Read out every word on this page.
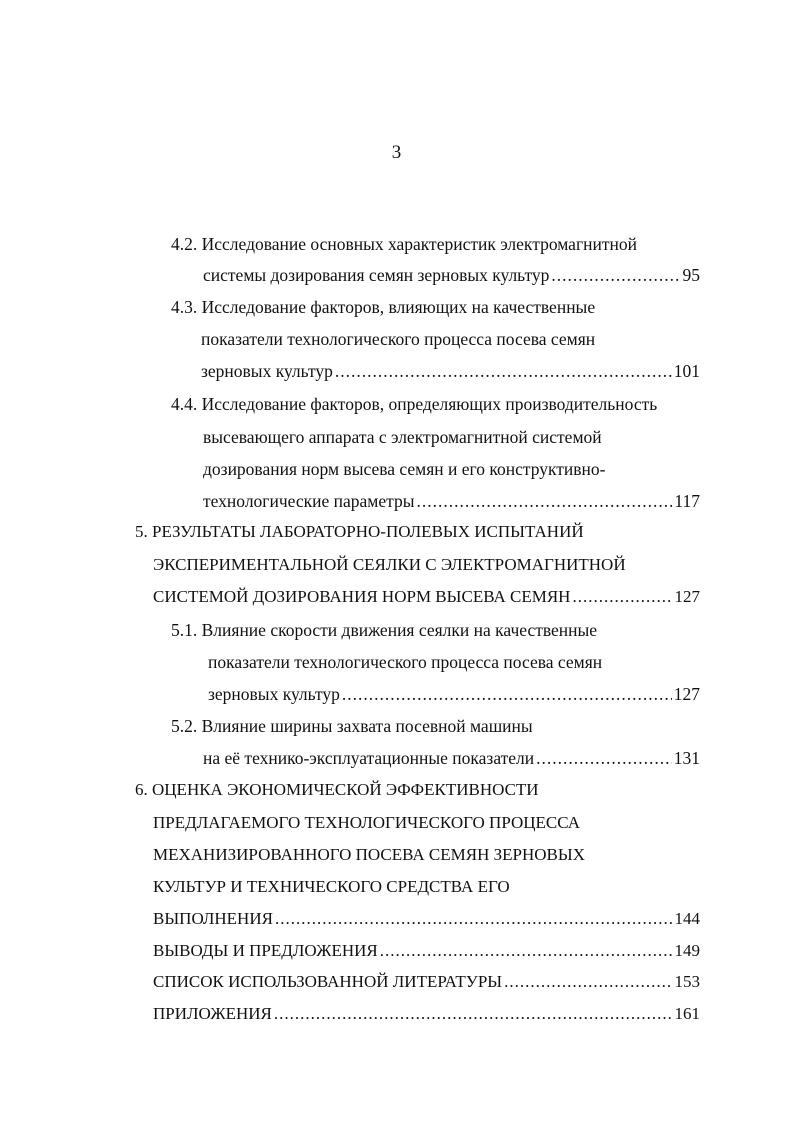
3
4.2. Исследование основных характеристик электромагнитной
системы дозирования семян зерновых культур .....	95
4.3. Исследование факторов, влияющих на качественные
показатели технологического процесса посева семян
зерновых культур .....	101
4.4. Исследование факторов, определяющих производительность
высевающего аппарата с электромагнитной системой
дозирования норм высева семян и его конструктивно-
технологические параметры .....	117
5. РЕЗУЛЬТАТЫ ЛАБОРАТОРНО-ПОЛЕВЫХ ИСПЫТАНИЙ
ЭКСПЕРИМЕНТАЛЬНОЙ СЕЯЛКИ С ЭЛЕКТРОМАГНИТНОЙ
СИСТЕМОЙ ДОЗИРОВАНИЯ НОРМ ВЫСЕВА СЕМЯН .....	127
5.1. Влияние скорости движения сеялки на качественные
показатели технологического процесса посева семян
зерновых культур .....	127
5.2. Влияние ширины захвата посевной машины
на её технико-эксплуатационные показатели .....	131
6. ОЦЕНКА ЭКОНОМИЧЕСКОЙ ЭФФЕКТИВНОСТИ
ПРЕДЛАГАЕМОГО ТЕХНОЛОГИЧЕСКОГО ПРОЦЕССА
МЕХАНИЗИРОВАННОГО ПОСЕВА СЕМЯН ЗЕРНОВЫХ
КУЛЬТУР И ТЕХНИЧЕСКОГО СРЕДСТВА ЕГО
ВЫПОЛНЕНИЯ .....	144
ВЫВОДЫ И ПРЕДЛОЖЕНИЯ .....	149
СПИСОК ИСПОЛЬЗОВАННОЙ ЛИТЕРАТУРЫ .....	153
ПРИЛОЖЕНИЯ .....	161
